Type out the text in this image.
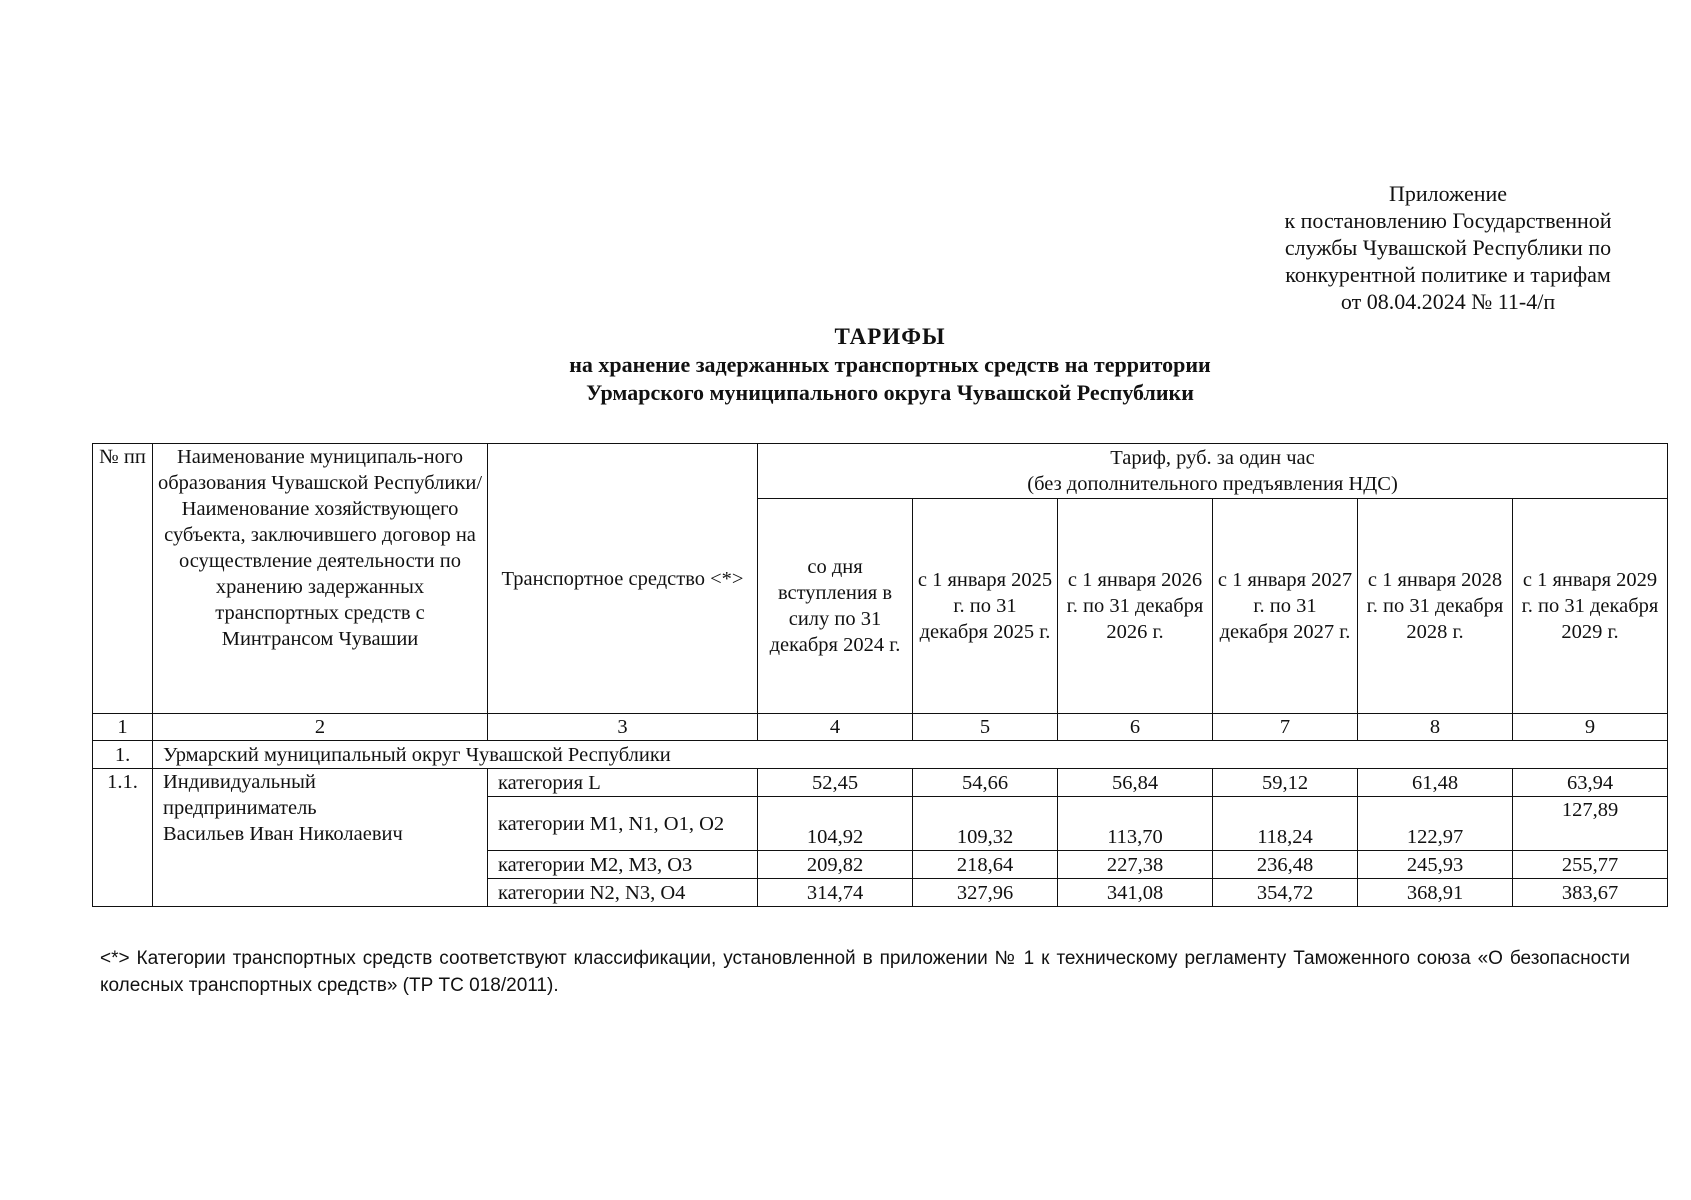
Приложение
к постановлению Государственной
службы Чувашской Республики по
конкурентной политике и тарифам
от 08.04.2024 № 11-4/п
ТАРИФЫ
на хранение задержанных транспортных средств на территории
Урмарского муниципального округа Чувашской Республики
№ пп	Наименование муниципаль-ного образования Чувашской Республики/Наименование хозяйствующего субъекта, заключившего договор на осуществление деятельности по хранению задержанных транспортных средств с Минтрансом Чувашии	Транспортное средство <*>	Тариф, руб. за один час
(без дополнительного предъявления НДС)					

			со дня вступления в силу по 31 декабря 2024 г.	с 1 января 2025 г. по 31 декабря 2025 г.	с 1 января 2026 г. по 31 декабря 2026 г.	с 1 января 2027 г. по 31 декабря 2027 г.	с 1 января 2028 г. по 31 декабря 2028 г.	с 1 января 2029 г. по 31 декабря 2029 г.
1	2	3	4	5	6	7	8	9
1.	Урмарский муниципальный округ Чувашской Республики							
1.1.	Индивидуальный
предприниматель
Васильев Иван Николаевич	категория L	52,45	54,66	56,84	59,12	61,48	63,94
		категории M1, N1, O1, O2	104,92	109,32	113,70	118,24	122,97	127,89
		категории M2, M3, O3	209,82	218,64	227,38	236,48	245,93	255,77
		категории N2, N3, O4	314,74	327,96	341,08	354,72	368,91	383,67
<*> Категории транспортных средств соответствуют классификации, установленной в приложении № 1 к техническому регламенту Таможенного союза «О безопасности колесных транспортных средств» (ТР ТС 018/2011).
